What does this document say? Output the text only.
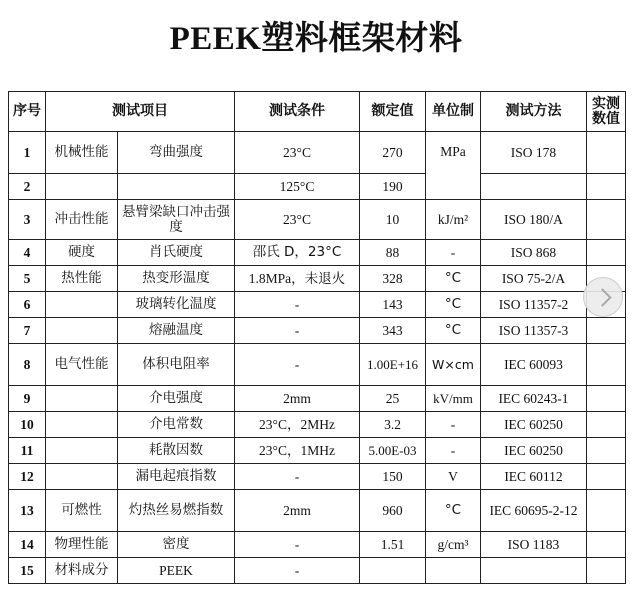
PEEK塑料框架材料
序号	测试项目		测试条件	额定值	单位制	测试方法	实测数值
1	机械性能	弯曲强度	23°C	270	MPa	ISO 178	
2			125°C	190			
3	冲击性能	悬臂梁缺口冲击强度	23°C	10	kJ/m²	ISO 180/A	
4	硬度	肖氏硬度	邵氏 D，23°C	88	-	ISO 868	
5	热性能	热变形温度	1.8MPa，未退火	328	°C	ISO 75-2/A	
6		玻璃转化温度	-	143	°C	ISO 11357-2	
7		熔融温度	-	343	°C	ISO 11357-3	
8	电气性能	体积电阻率	-	1.00E+16	W×cm	IEC 60093	
9		介电强度	2mm	25	kV/mm	IEC 60243-1	
10		介电常数	23°C，2MHz	3.2	-	IEC 60250	
11		耗散因数	23°C，1MHz	5.00E-03	-	IEC 60250	
12		漏电起痕指数	-	150	V	IEC 60112	
13	可燃性	灼热丝易燃指数	2mm	960	°C	IEC 60695-2-12	
14	物理性能	密度	-	1.51	g/cm³	ISO 1183	
15	材料成分	PEEK	-				
